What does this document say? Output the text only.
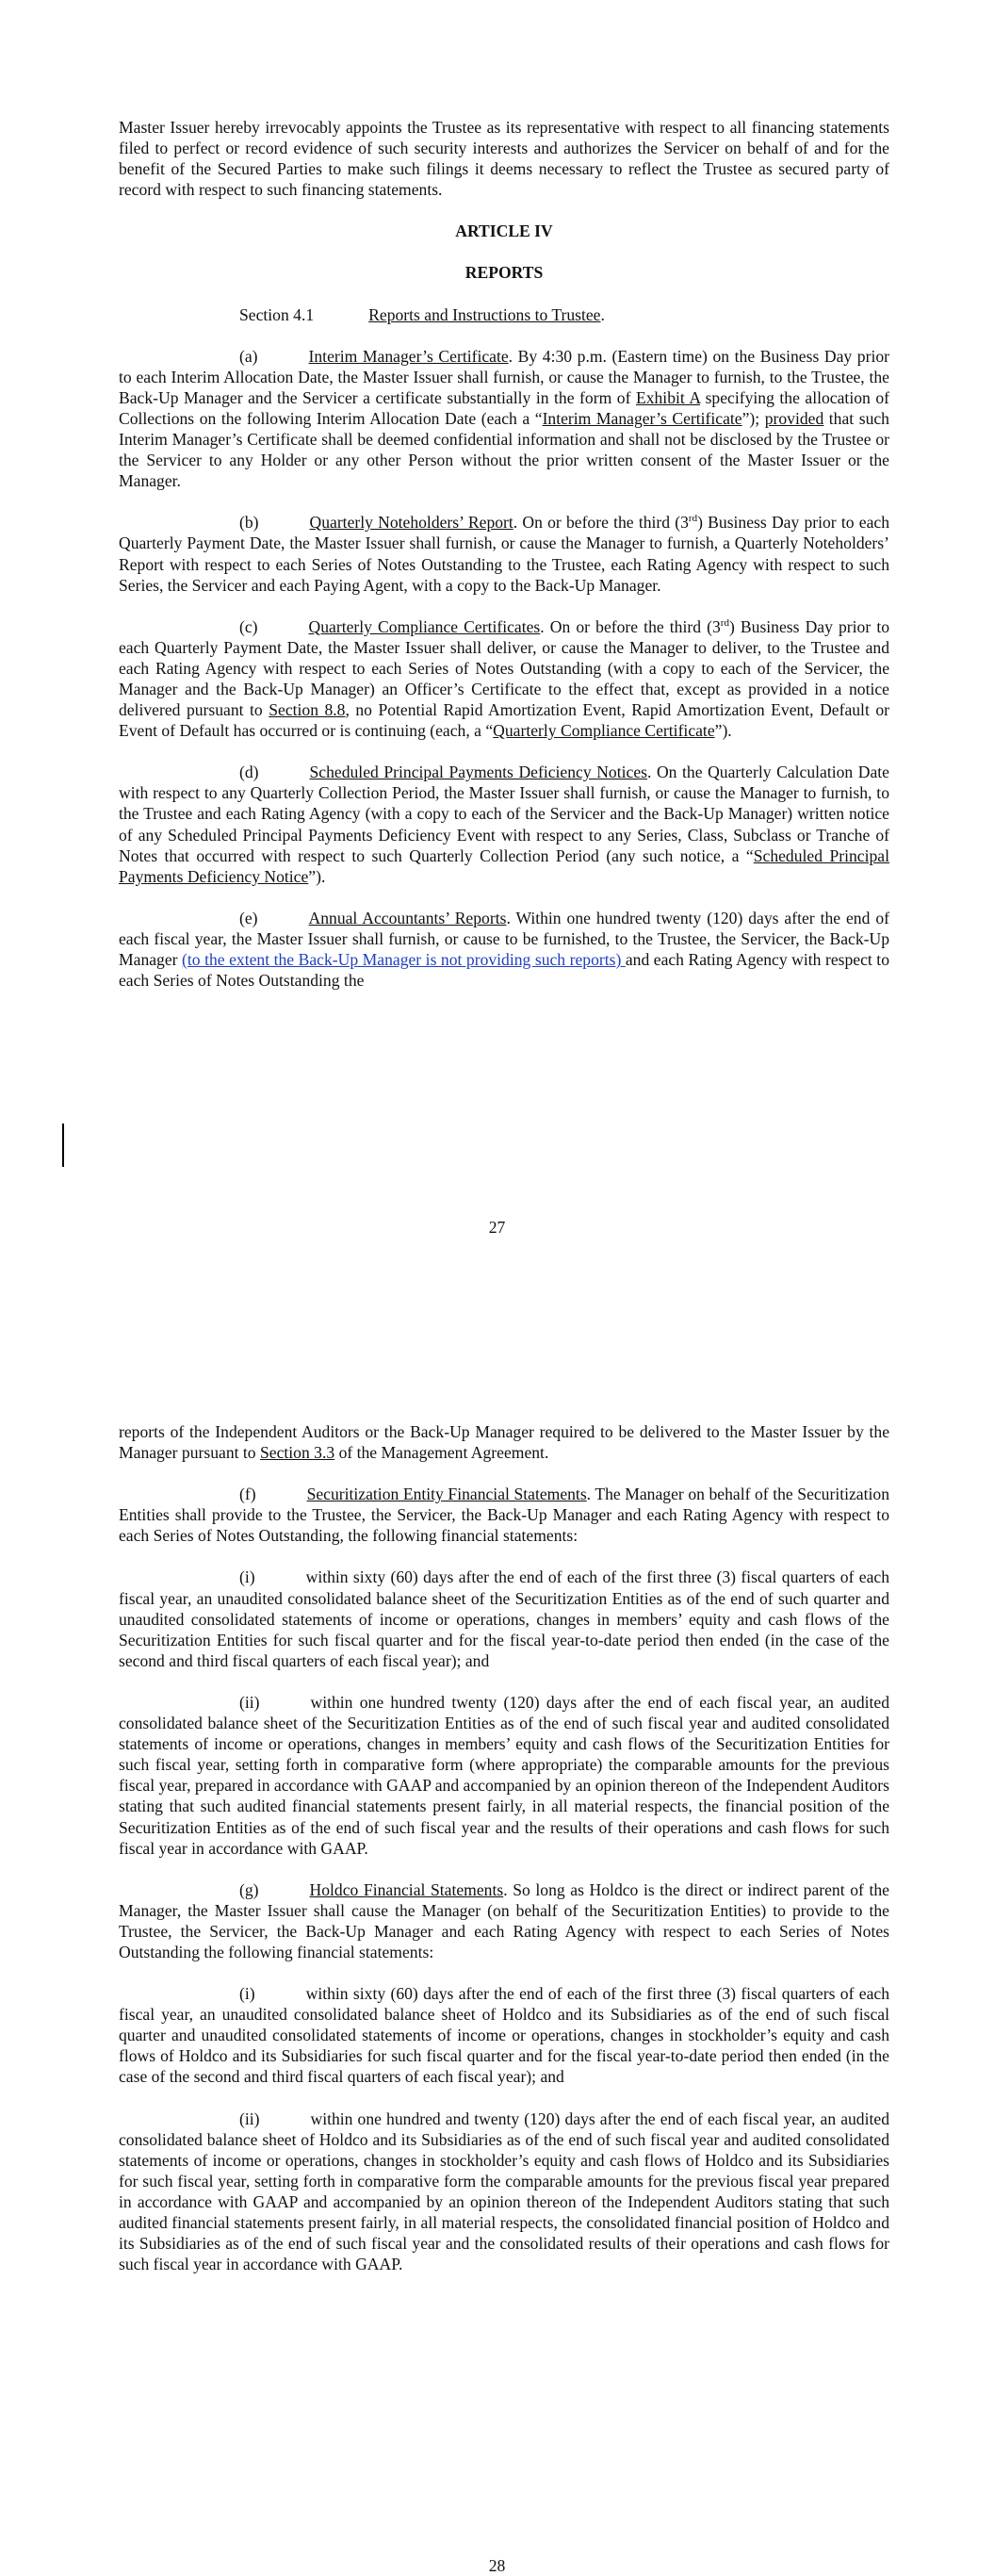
Master Issuer hereby irrevocably appoints the Trustee as its representative with respect to all financing statements filed to perfect or record evidence of such security interests and authorizes the Servicer on behalf of and for the benefit of the Secured Parties to make such filings it deems necessary to reflect the Trustee as secured party of record with respect to such financing statements.

ARTICLE IV
REPORTS

Section 4.1	Reports and Instructions to Trustee.

(a)	Interim Manager’s Certificate. By 4:30 p.m. (Eastern time) on the Business Day prior to each Interim Allocation Date, the Master Issuer shall furnish, or cause the Manager to furnish, to the Trustee, the Back-Up Manager and the Servicer a certificate substantially in the form of Exhibit A specifying the allocation of Collections on the following Interim Allocation Date (each a “Interim Manager’s Certificate”); provided that such Interim Manager’s Certificate shall be deemed confidential information and shall not be disclosed by the Trustee or the Servicer to any Holder or any other Person without the prior written consent of the Master Issuer or the Manager.

(b)	Quarterly Noteholders’ Report. On or before the third (3rd) Business Day prior to each Quarterly Payment Date, the Master Issuer shall furnish, or cause the Manager to furnish, a Quarterly Noteholders’ Report with respect to each Series of Notes Outstanding to the Trustee, each Rating Agency with respect to such Series, the Servicer and each Paying Agent, with a copy to the Back-Up Manager.

(c)	Quarterly Compliance Certificates. On or before the third (3rd) Business Day prior to each Quarterly Payment Date, the Master Issuer shall deliver, or cause the Manager to deliver, to the Trustee and each Rating Agency with respect to each Series of Notes Outstanding (with a copy to each of the Servicer, the Manager and the Back-Up Manager) an Officer’s Certificate to the effect that, except as provided in a notice delivered pursuant to Section 8.8, no Potential Rapid Amortization Event, Rapid Amortization Event, Default or Event of Default has occurred or is continuing (each, a “Quarterly Compliance Certificate”).

(d)	Scheduled Principal Payments Deficiency Notices. On the Quarterly Calculation Date with respect to any Quarterly Collection Period, the Master Issuer shall furnish, or cause the Manager to furnish, to the Trustee and each Rating Agency (with a copy to each of the Servicer and the Back-Up Manager) written notice of any Scheduled Principal Payments Deficiency Event with respect to any Series, Class, Subclass or Tranche of Notes that occurred with respect to such Quarterly Collection Period (any such notice, a “Scheduled Principal Payments Deficiency Notice”).

(e)	Annual Accountants’ Reports. Within one hundred twenty (120) days after the end of each fiscal year, the Master Issuer shall furnish, or cause to be furnished, to the Trustee, the Servicer, the Back-Up Manager (to the extent the Back-Up Manager is not providing such reports) and each Rating Agency with respect to each Series of Notes Outstanding the

27

reports of the Independent Auditors or the Back-Up Manager required to be delivered to the Master Issuer by the Manager pursuant to Section 3.3 of the Management Agreement.

(f)	Securitization Entity Financial Statements. The Manager on behalf of the Securitization Entities shall provide to the Trustee, the Servicer, the Back-Up Manager and each Rating Agency with respect to each Series of Notes Outstanding, the following financial statements:

(i)	within sixty (60) days after the end of each of the first three (3) fiscal quarters of each fiscal year, an unaudited consolidated balance sheet of the Securitization Entities as of the end of such quarter and unaudited consolidated statements of income or operations, changes in members’ equity and cash flows of the Securitization Entities for such fiscal quarter and for the fiscal year-to-date period then ended (in the case of the second and third fiscal quarters of each fiscal year); and

(ii)	within one hundred twenty (120) days after the end of each fiscal year, an audited consolidated balance sheet of the Securitization Entities as of the end of such fiscal year and audited consolidated statements of income or operations, changes in members’ equity and cash flows of the Securitization Entities for such fiscal year, setting forth in comparative form (where appropriate) the comparable amounts for the previous fiscal year, prepared in accordance with GAAP and accompanied by an opinion thereon of the Independent Auditors stating that such audited financial statements present fairly, in all material respects, the financial position of the Securitization Entities as of the end of such fiscal year and the results of their operations and cash flows for such fiscal year in accordance with GAAP.

(g)	Holdco Financial Statements. So long as Holdco is the direct or indirect parent of the Manager, the Master Issuer shall cause the Manager (on behalf of the Securitization Entities) to provide to the Trustee, the Servicer, the Back-Up Manager and each Rating Agency with respect to each Series of Notes Outstanding the following financial statements:

(i)	within sixty (60) days after the end of each of the first three (3) fiscal quarters of each fiscal year, an unaudited consolidated balance sheet of Holdco and its Subsidiaries as of the end of such fiscal quarter and unaudited consolidated statements of income or operations, changes in stockholder’s equity and cash flows of Holdco and its Subsidiaries for such fiscal quarter and for the fiscal year-to-date period then ended (in the case of the second and third fiscal quarters of each fiscal year); and

(ii)	within one hundred and twenty (120) days after the end of each fiscal year, an audited consolidated balance sheet of Holdco and its Subsidiaries as of the end of such fiscal year and audited consolidated statements of income or operations, changes in stockholder’s equity and cash flows of Holdco and its Subsidiaries for such fiscal year, setting forth in comparative form the comparable amounts for the previous fiscal year prepared in accordance with GAAP and accompanied by an opinion thereon of the Independent Auditors stating that such audited financial statements present fairly, in all material respects, the consolidated financial position of Holdco and its Subsidiaries as of the end of such fiscal year and the consolidated results of their operations and cash flows for such fiscal year in accordance with GAAP.

28
